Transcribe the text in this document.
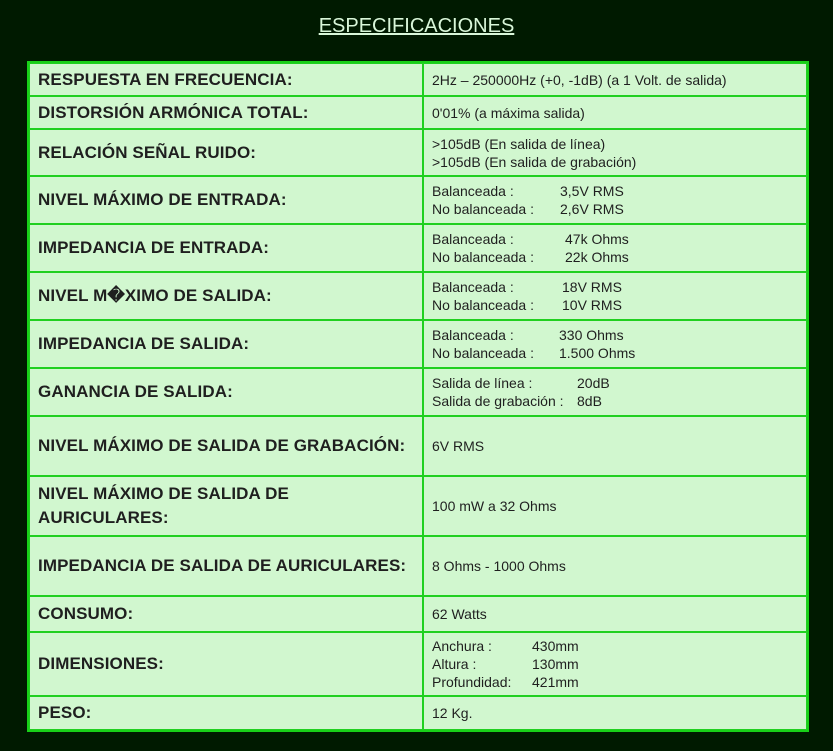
ESPECIFICACIONES
RESPUESTA EN FRECUENCIA:	2Hz – 250000Hz (+0, -1dB) (a 1 Volt. de salida)

DISTORSIÓN ARMÓNICA TOTAL:	0'01% (a máxima salida)

RELACIÓN SEÑAL RUIDO:	>105dB (En salida de línea)
>105dB (En salida de grabación)

NIVEL MÁXIMO DE ENTRADA:	Balanceada : 3,5V RMS
No balanceada : 2,6V RMS

IMPEDANCIA DE ENTRADA:	Balanceada : 47k Ohms
No balanceada : 22k Ohms

NIVEL M�XIMO DE SALIDA:	Balanceada : 18V RMS
No balanceada : 10V RMS

IMPEDANCIA DE SALIDA:	Balanceada : 330 Ohms
No balanceada : 1.500 Ohms

GANANCIA DE SALIDA:	Salida de línea : 20dB
Salida de grabación : 8dB

NIVEL MÁXIMO DE SALIDA DE GRABACIÓN:	6V RMS

NIVEL MÁXIMO DE SALIDA DE AURICULARES:	100 mW a 32 Ohms

IMPEDANCIA DE SALIDA DE AURICULARES:	8 Ohms - 1000 Ohms

CONSUMO:	62 Watts

DIMENSIONES:	Anchura : 430mm
Altura : 130mm
Profundidad: 421mm

PESO:	12 Kg.
